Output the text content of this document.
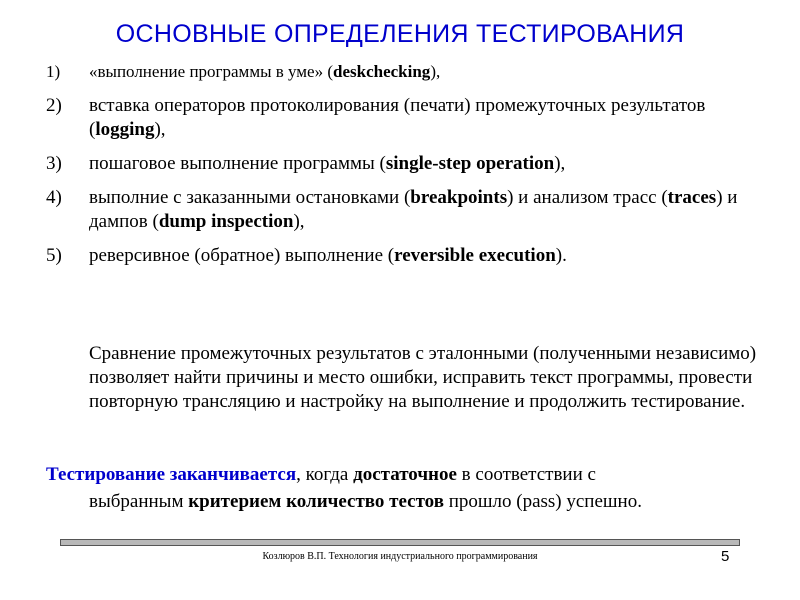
ОСНОВНЫЕ ОПРЕДЕЛЕНИЯ ТЕСТИРОВАНИЯ
1) «выполнение программы в уме» (deskchecking),
2) вставка операторов протоколирования (печати) промежуточных результатов (logging),
3) пошаговое выполнение программы (single-step operation),
4) выполние с заказанными остановками (breakpoints) и анализом трасс (traces) и дампов (dump inspection),
5) реверсивное (обратное) выполнение (reversible execution).
Сравнение промежуточных результатов с эталонными (полученными независимо) позволяет найти причины и место ошибки, исправить текст программы, провести повторную трансляцию и настройку на выполнение и продолжить тестирование.
Тестирование заканчивается, когда достаточное в соответствии с
выбранным критерием количество тестов прошло (pass) успешно.
Козлюров В.П. Технология индустриального программирования	5
